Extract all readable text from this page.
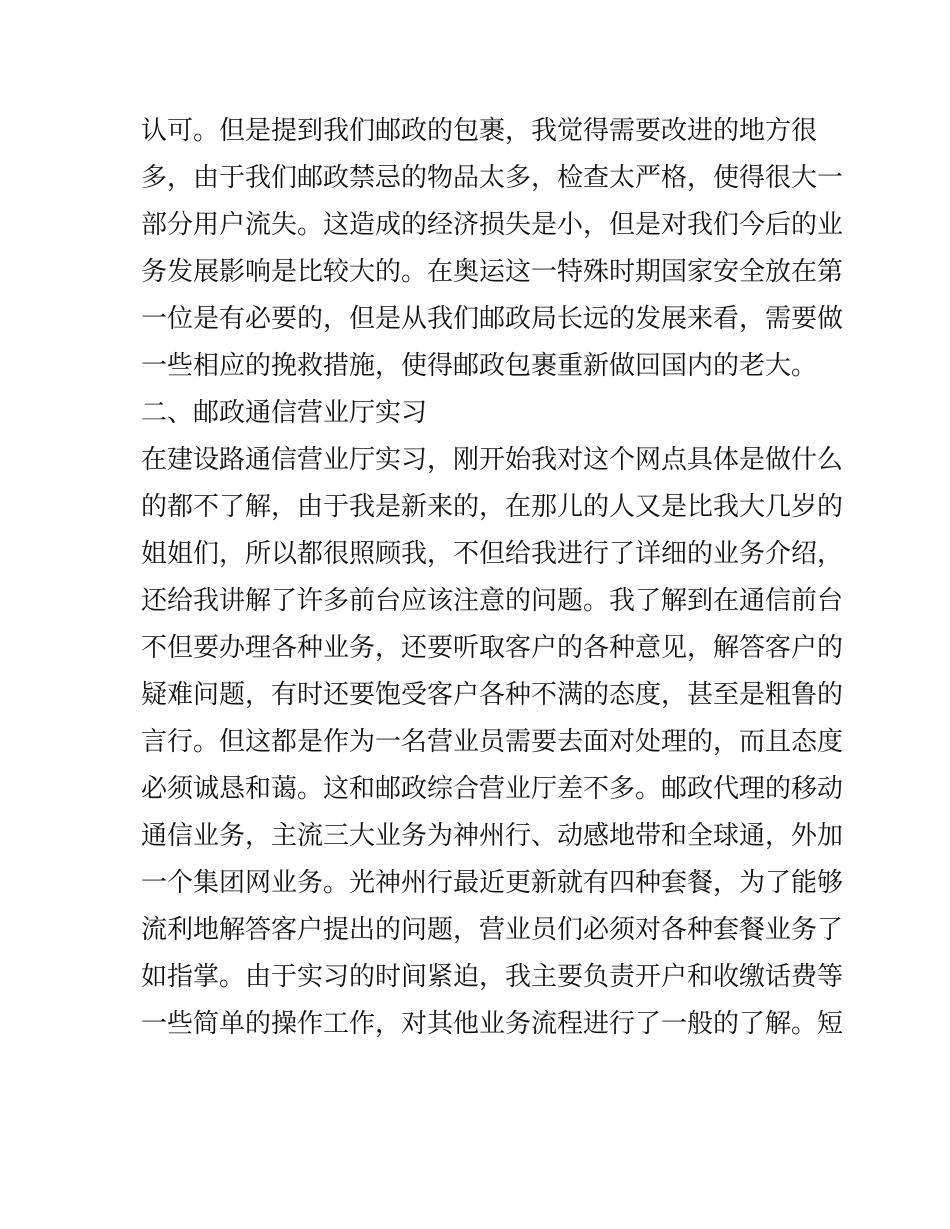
认可。但是提到我们邮政的包裹，我觉得需要改进的地方很
多，由于我们邮政禁忌的物品太多，检查太严格，使得很大一
部分用户流失。这造成的经济损失是小，但是对我们今后的业
务发展影响是比较大的。在奥运这一特殊时期国家安全放在第
一位是有必要的，但是从我们邮政局长远的发展来看，需要做
一些相应的挽救措施，使得邮政包裹重新做回国内的老大。
二、邮政通信营业厅实习
在建设路通信营业厅实习，刚开始我对这个网点具体是做什么
的都不了解，由于我是新来的，在那儿的人又是比我大几岁的
姐姐们，所以都很照顾我，不但给我进行了详细的业务介绍，
还给我讲解了许多前台应该注意的问题。我了解到在通信前台
不但要办理各种业务，还要听取客户的各种意见，解答客户的
疑难问题，有时还要饱受客户各种不满的态度，甚至是粗鲁的
言行。但这都是作为一名营业员需要去面对处理的，而且态度
必须诚恳和蔼。这和邮政综合营业厅差不多。邮政代理的移动
通信业务，主流三大业务为神州行、动感地带和全球通，外加
一个集团网业务。光神州行最近更新就有四种套餐，为了能够
流利地解答客户提出的问题，营业员们必须对各种套餐业务了
如指掌。由于实习的时间紧迫，我主要负责开户和收缴话费等
一些简单的操作工作，对其他业务流程进行了一般的了解。短
